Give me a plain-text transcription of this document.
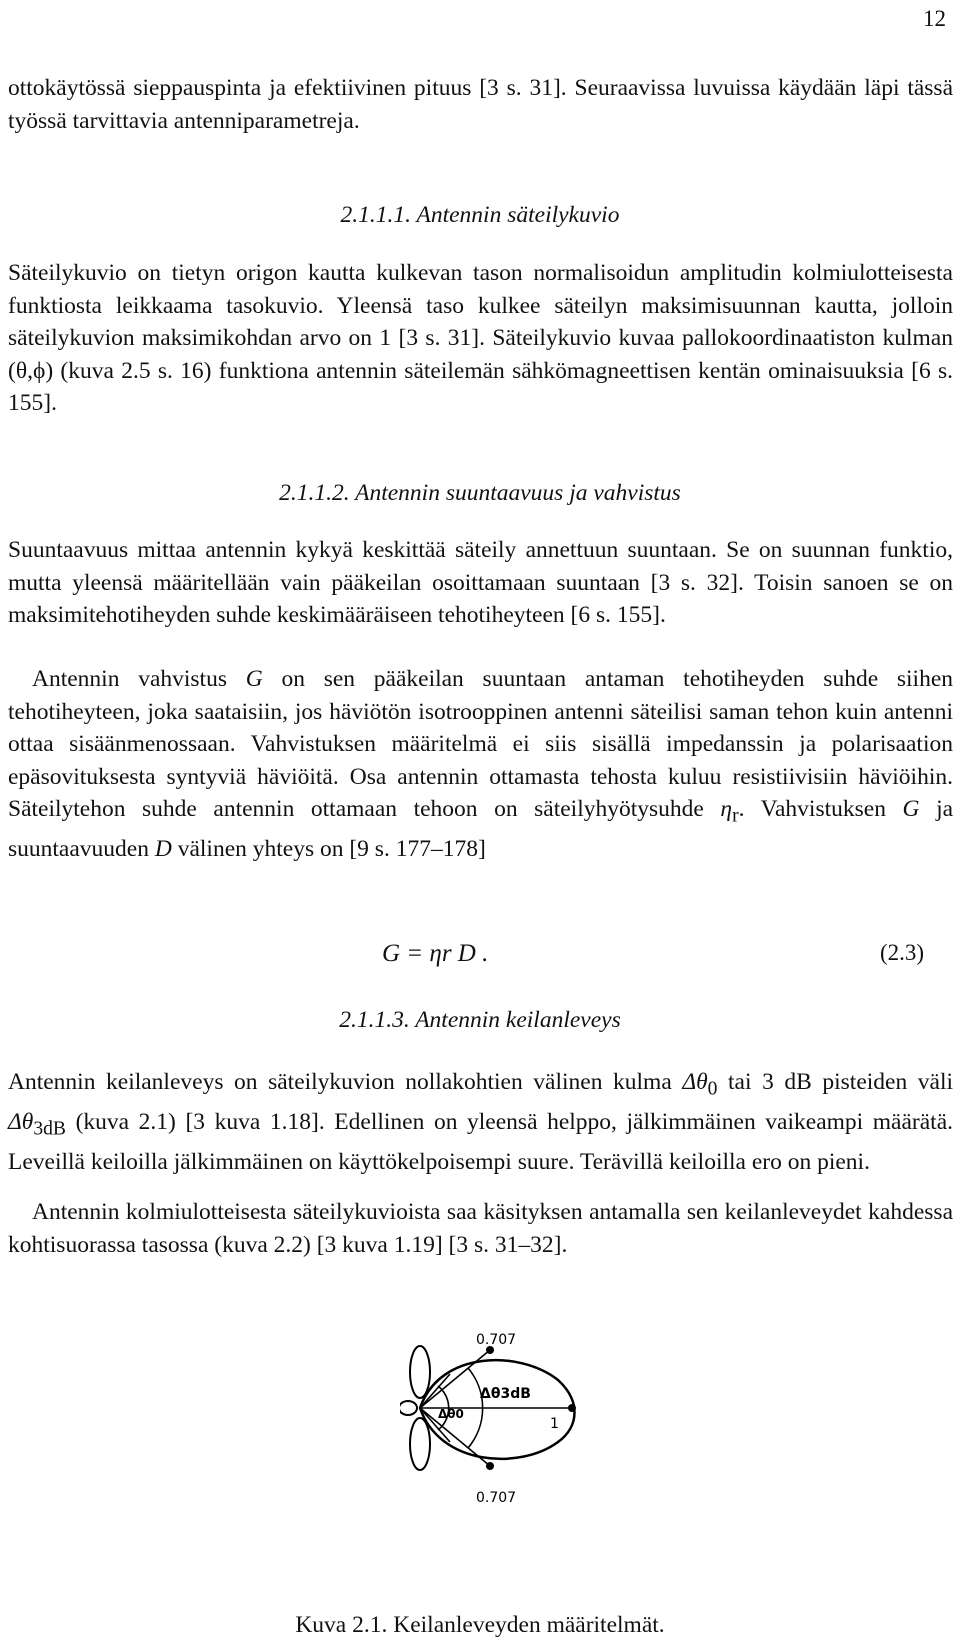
12

ottokäytössä sieppauspinta ja efektiivinen pituus [3 s. 31]. Seuraavissa luvuissa käydään läpi tässä työssä tarvittavia antenniparametreja.

2.1.1.1. Antennin säteilykuvio

Säteilykuvio on tietyn origon kautta kulkevan tason normalisoidun amplitudin kolmiulotteisesta funktiosta leikkaama tasokuvio. Yleensä taso kulkee säteilyn maksimisuunnan kautta, jolloin säteilykuvion maksimikohdan arvo on 1 [3 s. 31]. Säteilykuvio kuvaa pallokoordinaatiston kulman (θ,ϕ) (kuva 2.5 s. 16) funktiona antennin säteilemän sähkömagneettisen kentän ominaisuuksia [6 s. 155].

2.1.1.2. Antennin suuntaavuus ja vahvistus

Suuntaavuus mittaa antennin kykyä keskittää säteily annettuun suuntaan. Se on suunnan funktio, mutta yleensä määritellään vain pääkeilan osoittamaan suuntaan [3 s. 32]. Toisin sanoen se on maksimitehotiheyden suhde keskimääräiseen tehotiheyteen [6 s. 155].

Antennin vahvistus G on sen pääkeilan suuntaan antaman tehotiheyden suhde siihen tehotiheyteen, joka saataisiin, jos häviötön isotrooppinen antenni säteilisi saman tehon kuin antenni ottaa sisäänmenossaan. Vahvistuksen määritelmä ei siis sisällä impedanssin ja polarisaation epäsovituksesta syntyviä häviöitä. Osa antennin ottamasta tehosta kuluu resistiivisiin häviöihin. Säteilytehon suhde antennin ottamaan tehoon on säteilyhyötysuhde $\eta_r$. Vahvistuksen G ja suuntaavuuden D välinen yhteys on [9 s. 177–178]

G = ηr D .	(2.3)

2.1.1.3. Antennin keilanleveys

Antennin keilanleveys on säteilykuvion nollakohtien välinen kulma $\Delta\theta_0$ tai 3 dB pisteiden väli $\Delta\theta_{3dB}$ (kuva 2.1) [3 kuva 1.18]. Edellinen on yleensä helppo, jälkimmäinen vaikeampi määrätä. Leveillä keiloilla jälkimmäinen on käyttökelpoisempi suure. Terävillä keiloilla ero on pieni.

Antennin kolmiulotteisesta säteilykuvioista saa käsityksen antamalla sen keilanleveydet kahdessa kohtisuorassa tasossa (kuva 2.2) [3 kuva 1.19] [3 s. 31–32].

0.707
0.707
1
Δθ3dB
Δθ0
Kuva 2.1. Keilanleveyden määritelmät.
